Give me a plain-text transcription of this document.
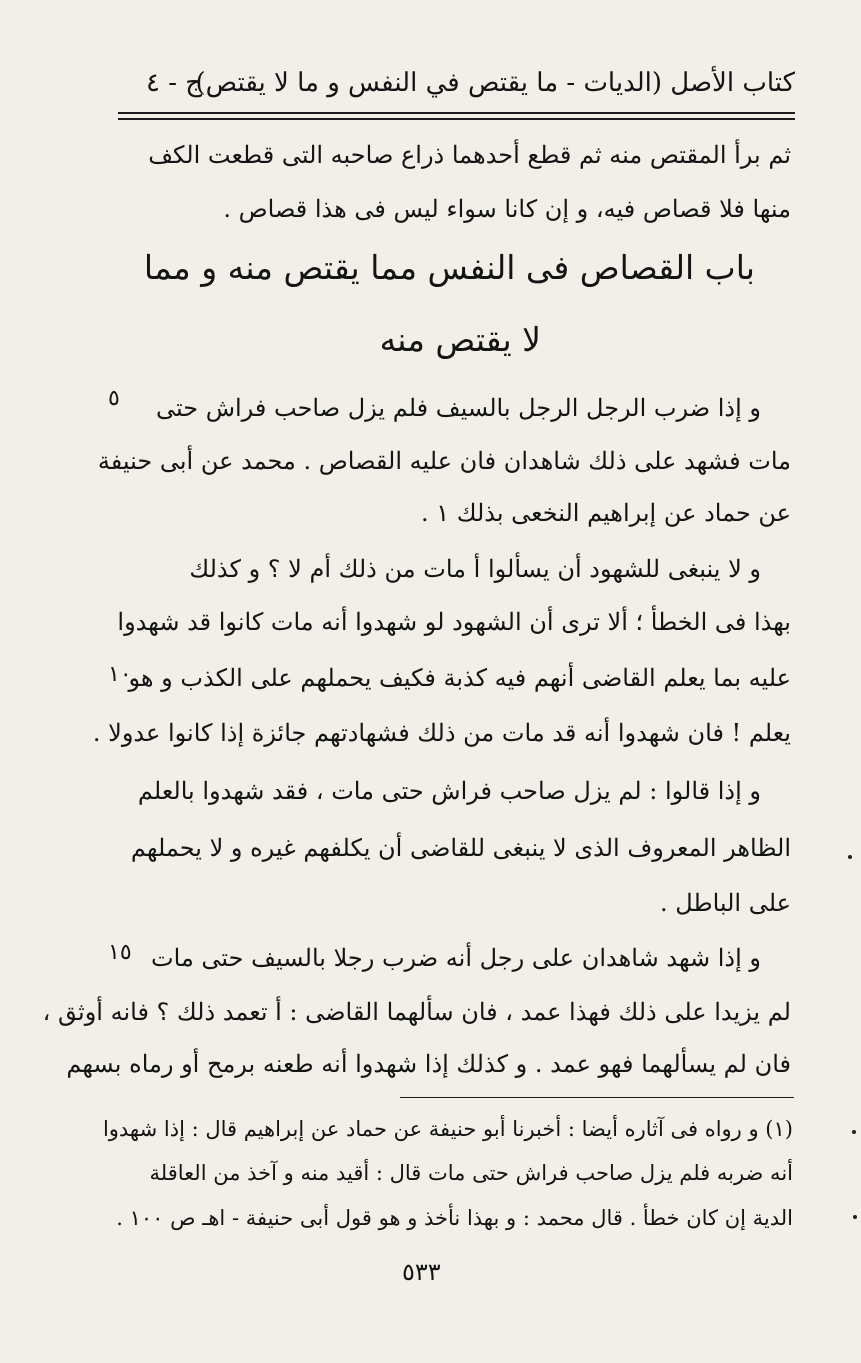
كتاب الأصل (الديات - ما يقتص في النفس و ما لا يقتص)
ج - ٤
ثم برأ المقتص منه ثم قطع أحدهما ذراع صاحبه التى قطعت الكف
منها فلا قصاص فيه، و إن كانا سواء ليس فى هذا قصاص .
باب القصاص فى النفس مما يقتص منه و مما
لا يقتص منه
و إذا ضرب الرجل الرجل بالسيف فلم يزل صاحب فراش حتى
مات فشهد على ذلك شاهدان فان عليه القصاص . محمد عن أبى حنيفة
عن حماد عن إبراهيم النخعى بذلك ١ .
و لا ينبغى للشهود أن يسألوا أ مات من ذلك أم لا ؟ و كذلك
بهذا فى الخطأ ؛ ألا ترى أن الشهود لو شهدوا أنه مات كانوا قد شهدوا
عليه بما يعلم القاضى أنهم فيه كذبة فكيف يحملهم على الكذب و هو
يعلم ! فان شهدوا أنه قد مات من ذلك فشهادتهم جائزة إذا كانوا عدولا .
و إذا قالوا : لم يزل صاحب فراش حتى مات ، فقد شهدوا بالعلم
الظاهر المعروف الذى لا ينبغى للقاضى أن يكلفهم غيره و لا يحملهم
على الباطل .
و إذا شهد شاهدان على رجل أنه ضرب رجلا بالسيف حتى مات
لم يزيدا على ذلك فهذا عمد ، فان سألهما القاضى : أ تعمد ذلك ؟ فانه أوثق ،
فان لم يسألهما فهو عمد . و كذلك إذا شهدوا أنه طعنه برمح أو رماه بسهم
٥
١٠
١٥
(١) و رواه فى آثاره أيضا : أخبرنا أبو حنيفة عن حماد عن إبراهيم قال : إذا شهدوا
أنه ضربه فلم يزل صاحب فراش حتى مات قال : أقيد منه و آخذ من العاقلة
الدية إن كان خطأ . قال محمد : و بهذا نأخذ و هو قول أبى حنيفة - اهـ ص ١٠٠ .
٥٣٣
